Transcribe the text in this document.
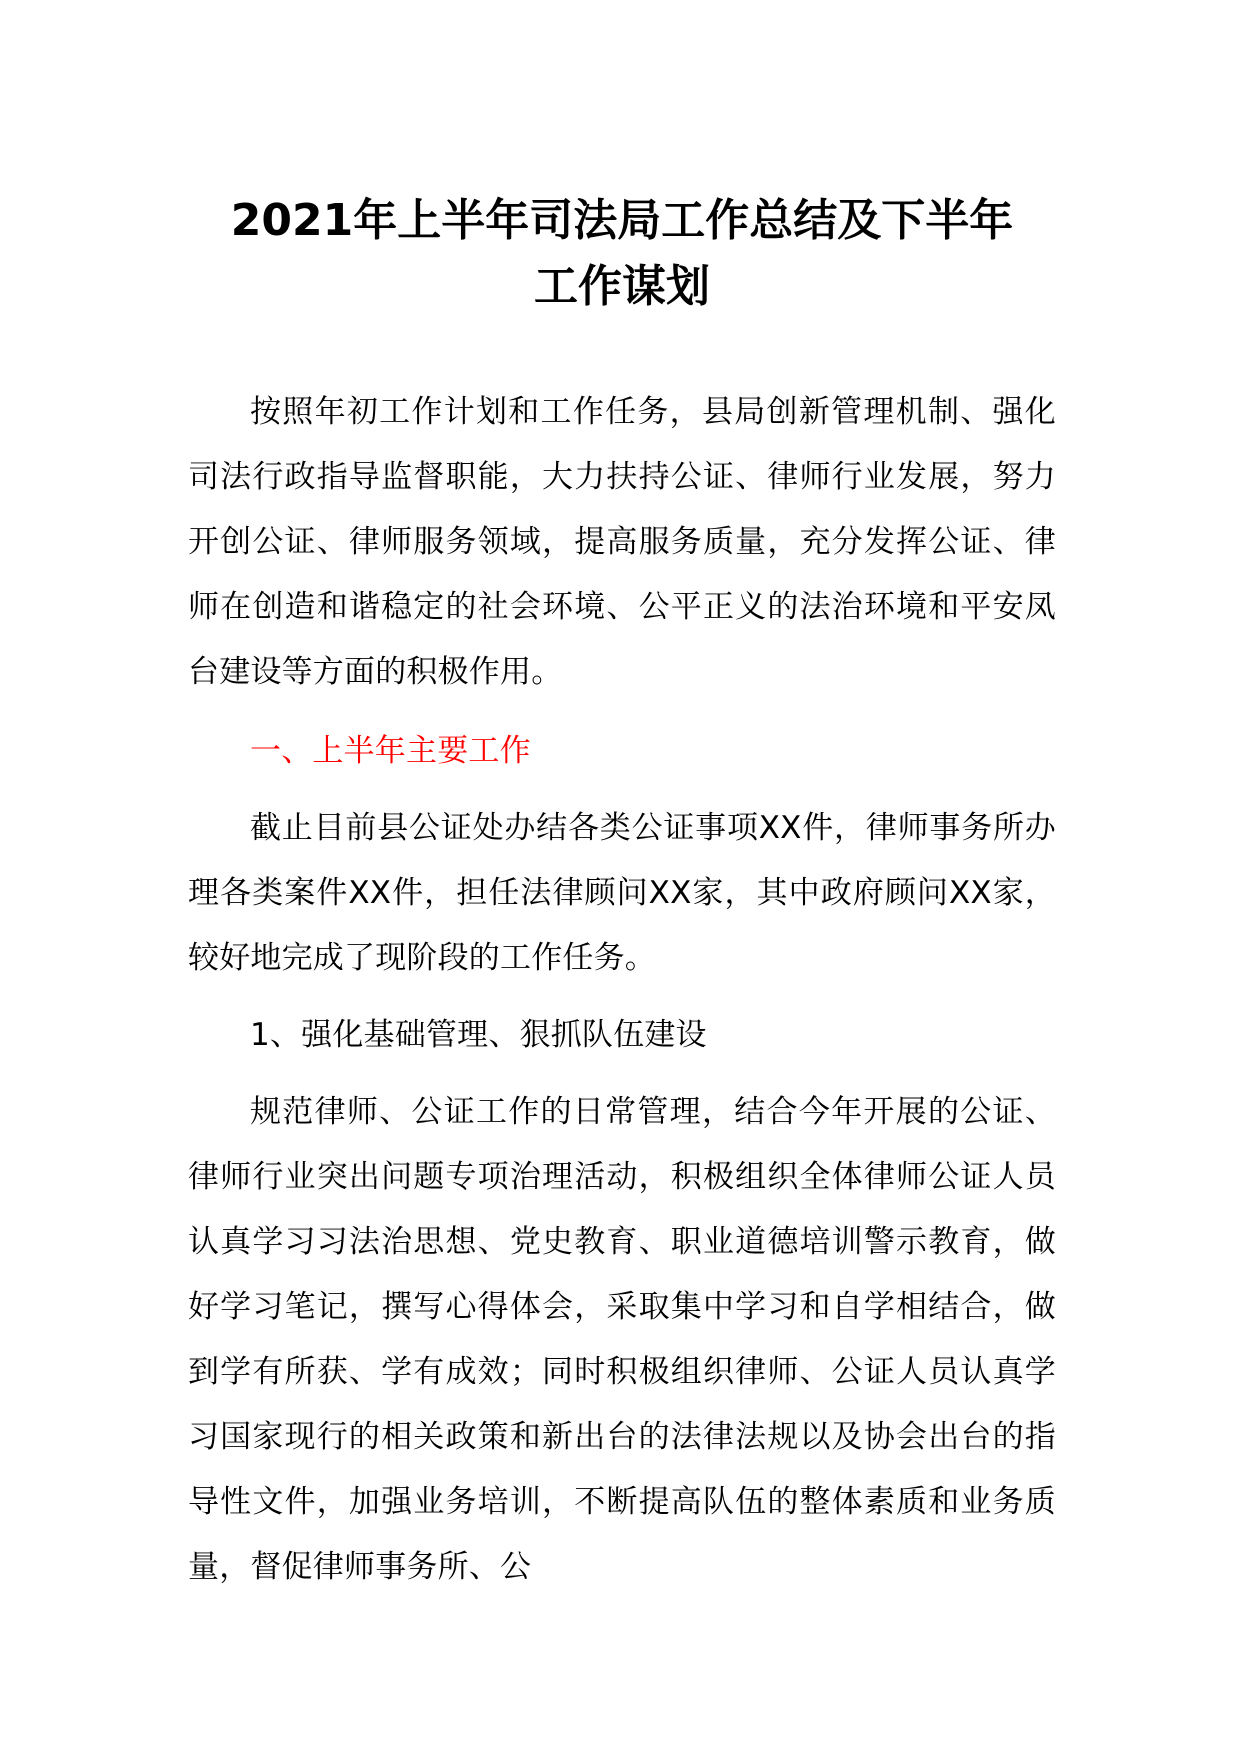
2021年上半年司法局工作总结及下半年
工作谋划

按照年初工作计划和工作任务，县局创新管理机制、强化司法行政指导监督职能，大力扶持公证、律师行业发展，努力开创公证、律师服务领域，提高服务质量，充分发挥公证、律师在创造和谐稳定的社会环境、公平正义的法治环境和平安凤台建设等方面的积极作用。

一、上半年主要工作

截止目前县公证处办结各类公证事项XX件，律师事务所办理各类案件XX件，担任法律顾问XX家，其中政府顾问XX家，较好地完成了现阶段的工作任务。

1、强化基础管理、狠抓队伍建设

规范律师、公证工作的日常管理，结合今年开展的公证、律师行业突出问题专项治理活动，积极组织全体律师公证人员认真学习习法治思想、党史教育、职业道德培训警示教育，做好学习笔记，撰写心得体会，采取集中学习和自学相结合，做到学有所获、学有成效；同时积极组织律师、公证人员认真学习国家现行的相关政策和新出台的法律法规以及协会出台的指导性文件，加强业务培训，不断提高队伍的整体素质和业务质量，督促律师事务所、公
